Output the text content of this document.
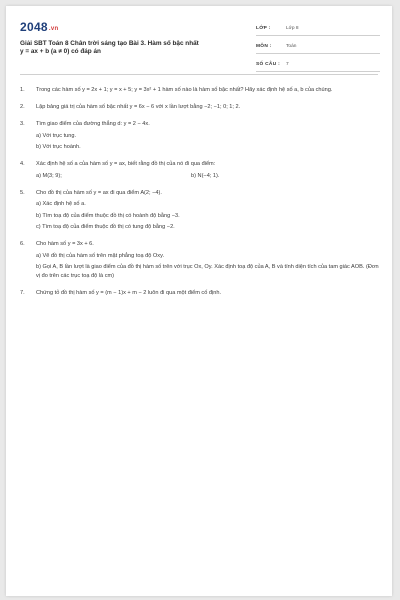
2048.vn
Giải SBT Toán 8 Chân trời sáng tạo Bài 3. Hàm số bậc nhất
y = ax + b (a ≠ 0) có đáp án
LỚP :	Lớp 8
MÔN :	Toán
SỐ CÂU :	7
1.	Trong các hàm số y = 2x + 1; y = x + 5; y = 3x² + 1 hàm số nào là hàm số bậc nhất? Hãy xác định hệ số a, b của chúng.
2.	Lập bảng giá trị của hàm số bậc nhất y = 6x − 6 với x lần lượt bằng −2; −1; 0; 1; 2.
3.	Tìm giao điểm của đường thẳng d: y = 2 − 4x.
a) Với trục tung.
b) Với trục hoành.
4.	Xác định hệ số a của hàm số y = ax, biết rằng đồ thị của nó đi qua điểm:
a) M(3; 9);	b) N(−4; 1).
5.	Cho đồ thị của hàm số y = ax đi qua điểm A(2; −4).
a) Xác định hệ số a.
b) Tìm toạ độ của điểm thuộc đồ thị có hoành độ bằng −3.
c) Tìm toạ độ của điểm thuộc đồ thị có tung độ bằng −2.
6.	Cho hàm số y = 3x + 6.
a) Vẽ đồ thị của hàm số trên mặt phẳng toạ độ Oxy.
b) Gọi A, B lần lượt là giao điểm của đồ thị hàm số trên với trục Ox, Oy. Xác định toạ độ của A, B và tính diện tích của tam giác AOB. (Đơn vị đo trên các trục toạ độ là cm)
7.	Chứng tỏ đồ thị hàm số y = (m − 1)x + m − 2 luôn đi qua một điểm cố định.
